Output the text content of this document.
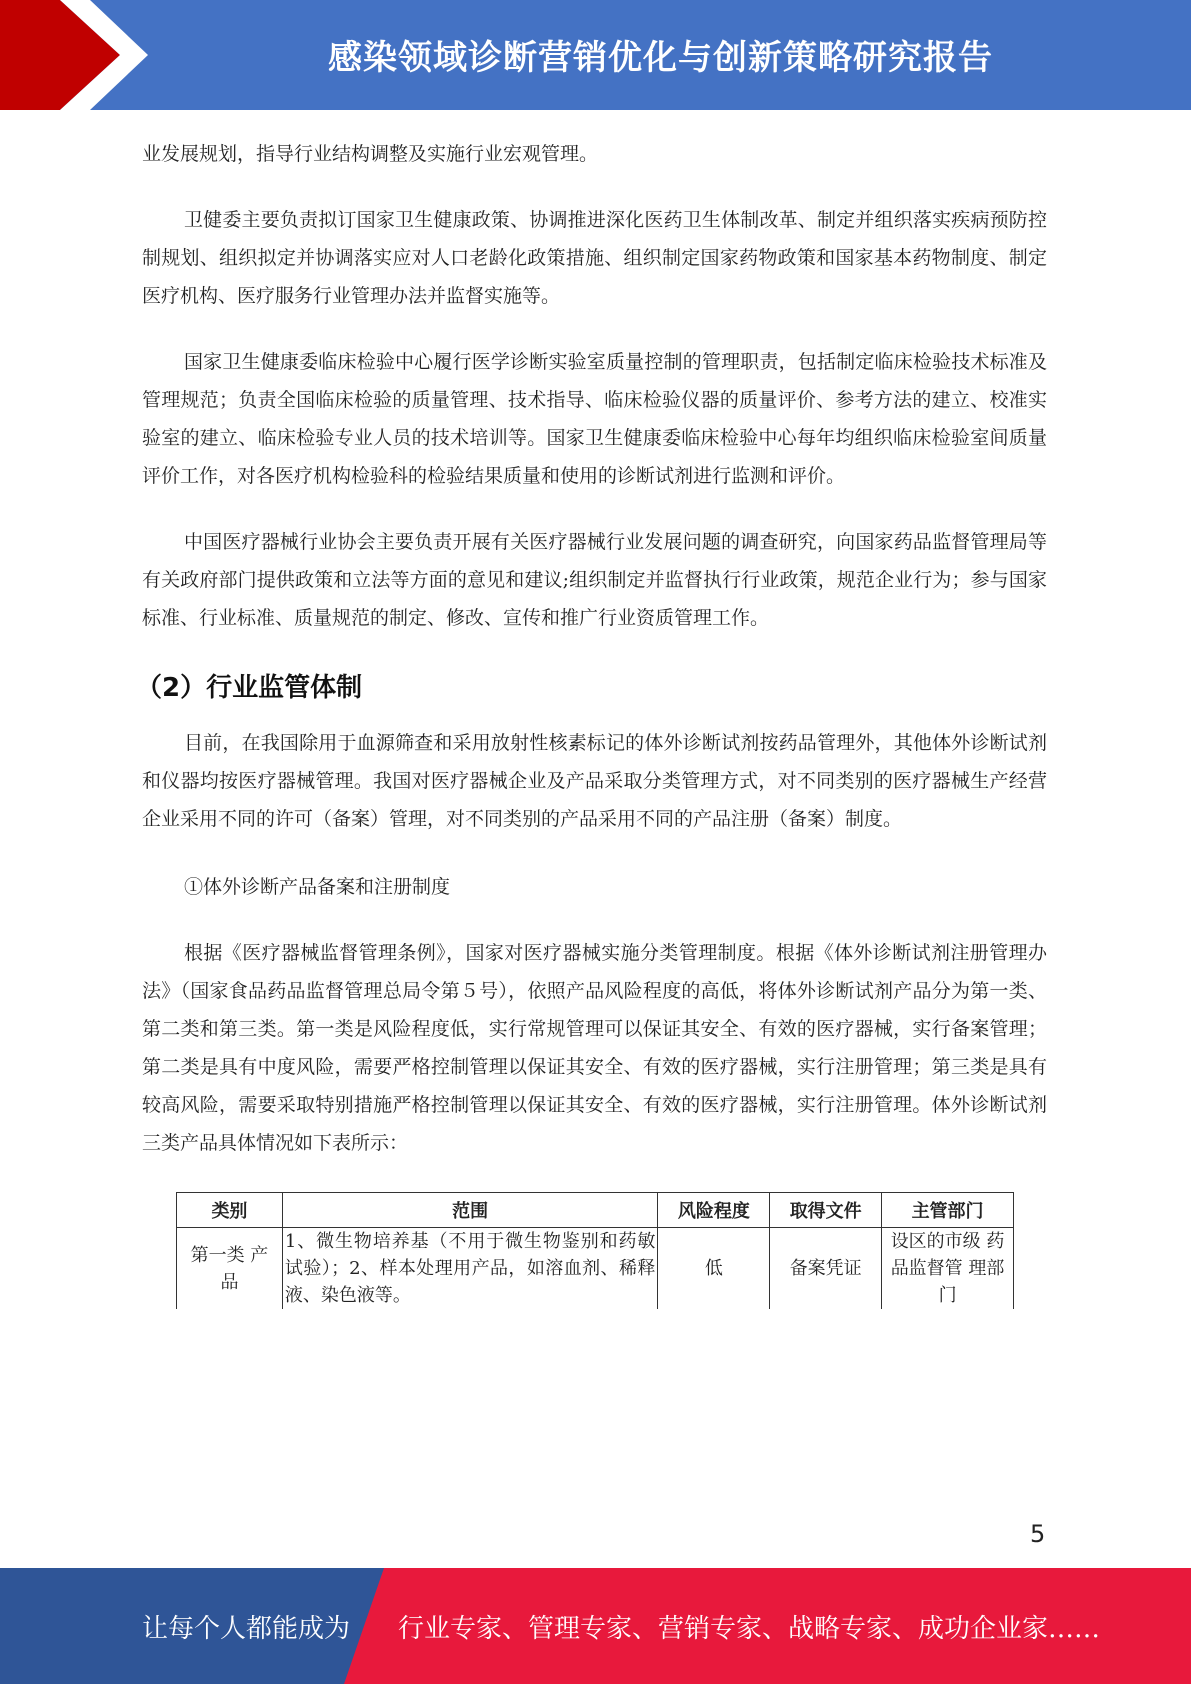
感染领域诊断营销优化与创新策略研究报告

业发展规划，指导行业结构调整及实施行业宏观管理。

卫健委主要负责拟订国家卫生健康政策、协调推进深化医药卫生体制改革、制定并组织落实疾病预防控制规划、组织拟定并协调落实应对人口老龄化政策措施、组织制定国家药物政策和国家基本药物制度、制定医疗机构、医疗服务行业管理办法并监督实施等。

国家卫生健康委临床检验中心履行医学诊断实验室质量控制的管理职责，包括制定临床检验技术标准及管理规范；负责全国临床检验的质量管理、技术指导、临床检验仪器的质量评价、参考方法的建立、校准实验室的建立、临床检验专业人员的技术培训等。国家卫生健康委临床检验中心每年均组织临床检验室间质量评价工作，对各医疗机构检验科的检验结果质量和使用的诊断试剂进行监测和评价。

中国医疗器械行业协会主要负责开展有关医疗器械行业发展问题的调查研究，向国家药品监督管理局等有关政府部门提供政策和立法等方面的意见和建议;组织制定并监督执行行业政策，规范企业行为；参与国家标准、行业标准、质量规范的制定、修改、宣传和推广行业资质管理工作。

（2）行业监管体制

目前，在我国除用于血源筛查和采用放射性核素标记的体外诊断试剂按药品管理外，其他体外诊断试剂和仪器均按医疗器械管理。我国对医疗器械企业及产品采取分类管理方式，对不同类别的医疗器械生产经营企业采用不同的许可（备案）管理，对不同类别的产品采用不同的产品注册（备案）制度。

①体外诊断产品备案和注册制度

根据《医疗器械监督管理条例》，国家对医疗器械实施分类管理制度。根据《体外诊断试剂注册管理办法》（国家食品药品监督管理总局令第５号），依照产品风险程度的高低，将体外诊断试剂产品分为第一类、第二类和第三类。第一类是风险程度低，实行常规管理可以保证其安全、有效的医疗器械，实行备案管理；第二类是具有中度风险，需要严格控制管理以保证其安全、有效的医疗器械，实行注册管理；第三类是具有较高风险，需要采取特别措施严格控制管理以保证其安全、有效的医疗器械，实行注册管理。体外诊断试剂三类产品具体情况如下表所示：

类别	范围	风险程度	取得文件	主管部门
第一类 产品	1、微生物培养基（不用于微生物鉴别和药敏试验）；2、样本处理用产品，如溶血剂、稀释液、染色液等。	低	备案凭证	设区的市级 药品监督管 理部门
5
让每个人都能成为 行业专家、管理专家、营销专家、战略专家、成功企业家……
